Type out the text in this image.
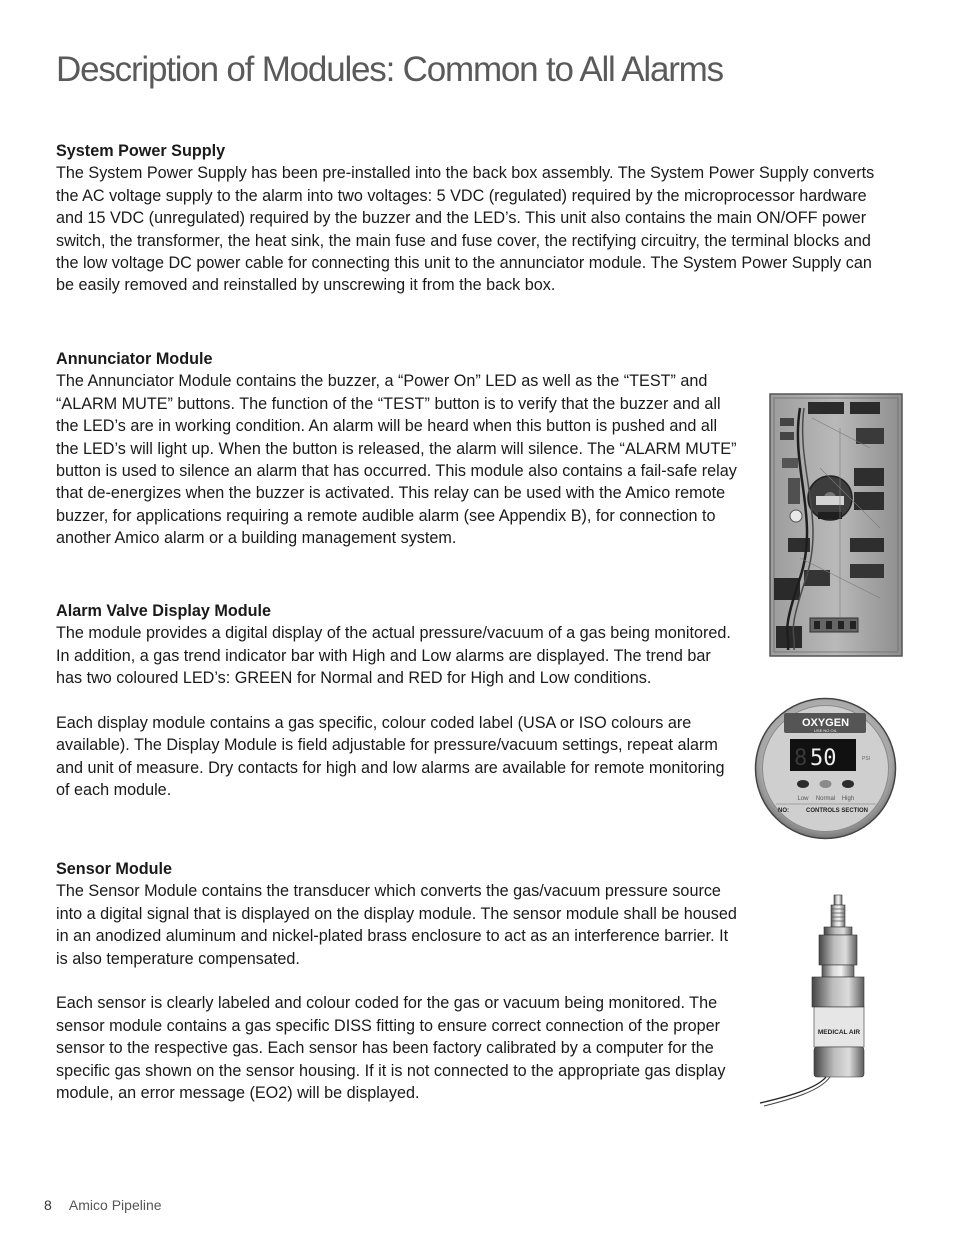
Description of Modules: Common to All Alarms
System Power Supply

The System Power Supply has been pre-installed into the back box assembly. The System Power Supply converts the AC voltage supply to the alarm into two voltages: 5 VDC (regulated) required by the microprocessor hardware and 15 VDC (unregulated) required by the buzzer and the LED’s. This unit also contains the main ON/OFF power switch, the transformer, the heat sink, the main fuse and fuse cover, the rectifying circuitry, the terminal blocks and the low voltage DC power cable for connecting this unit to the annunciator module. The System Power Supply can be easily removed and reinstalled by unscrewing it from the back box.

Annunciator Module

The Annunciator Module contains the buzzer, a “Power On” LED as well as the “TEST” and “ALARM MUTE” buttons. The function of the “TEST” button is to verify that the buzzer and all the LED’s are in working condition. An alarm will be heard when this button is pushed and all the LED’s will light up. When the button is released, the alarm will silence. The “ALARM MUTE” button is used to silence an alarm that has occurred. This module also contains a fail-safe relay that de-energizes when the buzzer is activated. This relay can be used with the Amico remote buzzer, for applications requiring a remote audible alarm (see Appendix B), for connection to another Amico alarm or a building management system.

Alarm Valve Display Module

The module provides a digital display of the actual pressure/vacuum of a gas being monitored. In addition, a gas trend indicator bar with High and Low alarms are displayed. The trend bar has two coloured LED’s: GREEN for Normal and RED for High and Low conditions.

Each display module contains a gas specific, colour coded label (USA or ISO colours are available). The Display Module is field adjustable for pressure/vacuum settings, repeat alarm and unit of measure. Dry contacts for high and low alarms are available for remote monitoring of each module.

Sensor Module

The Sensor Module contains the transducer which converts the gas/vacuum pressure source into a digital signal that is displayed on the display module. The sensor module shall be housed in an anodized aluminum and nickel-plated brass enclosure to act as an interference barrier. It is also temperature compensated.

Each sensor is clearly labeled and colour coded for the gas or vacuum being monitored. The sensor module contains a gas specific DISS fitting to ensure correct connection of the proper sensor to the respective gas. Each sensor has been factory calibrated by a computer for the specific gas shown on the sensor housing. If it is not connected to the appropriate gas display module, an error message (EO2) will be displayed.

OXYGEN
USE NO OIL
8 50	PSI
Low Normal High
NO:	CONTROLS SECTION
MEDICAL AIR
8 Amico Pipeline
